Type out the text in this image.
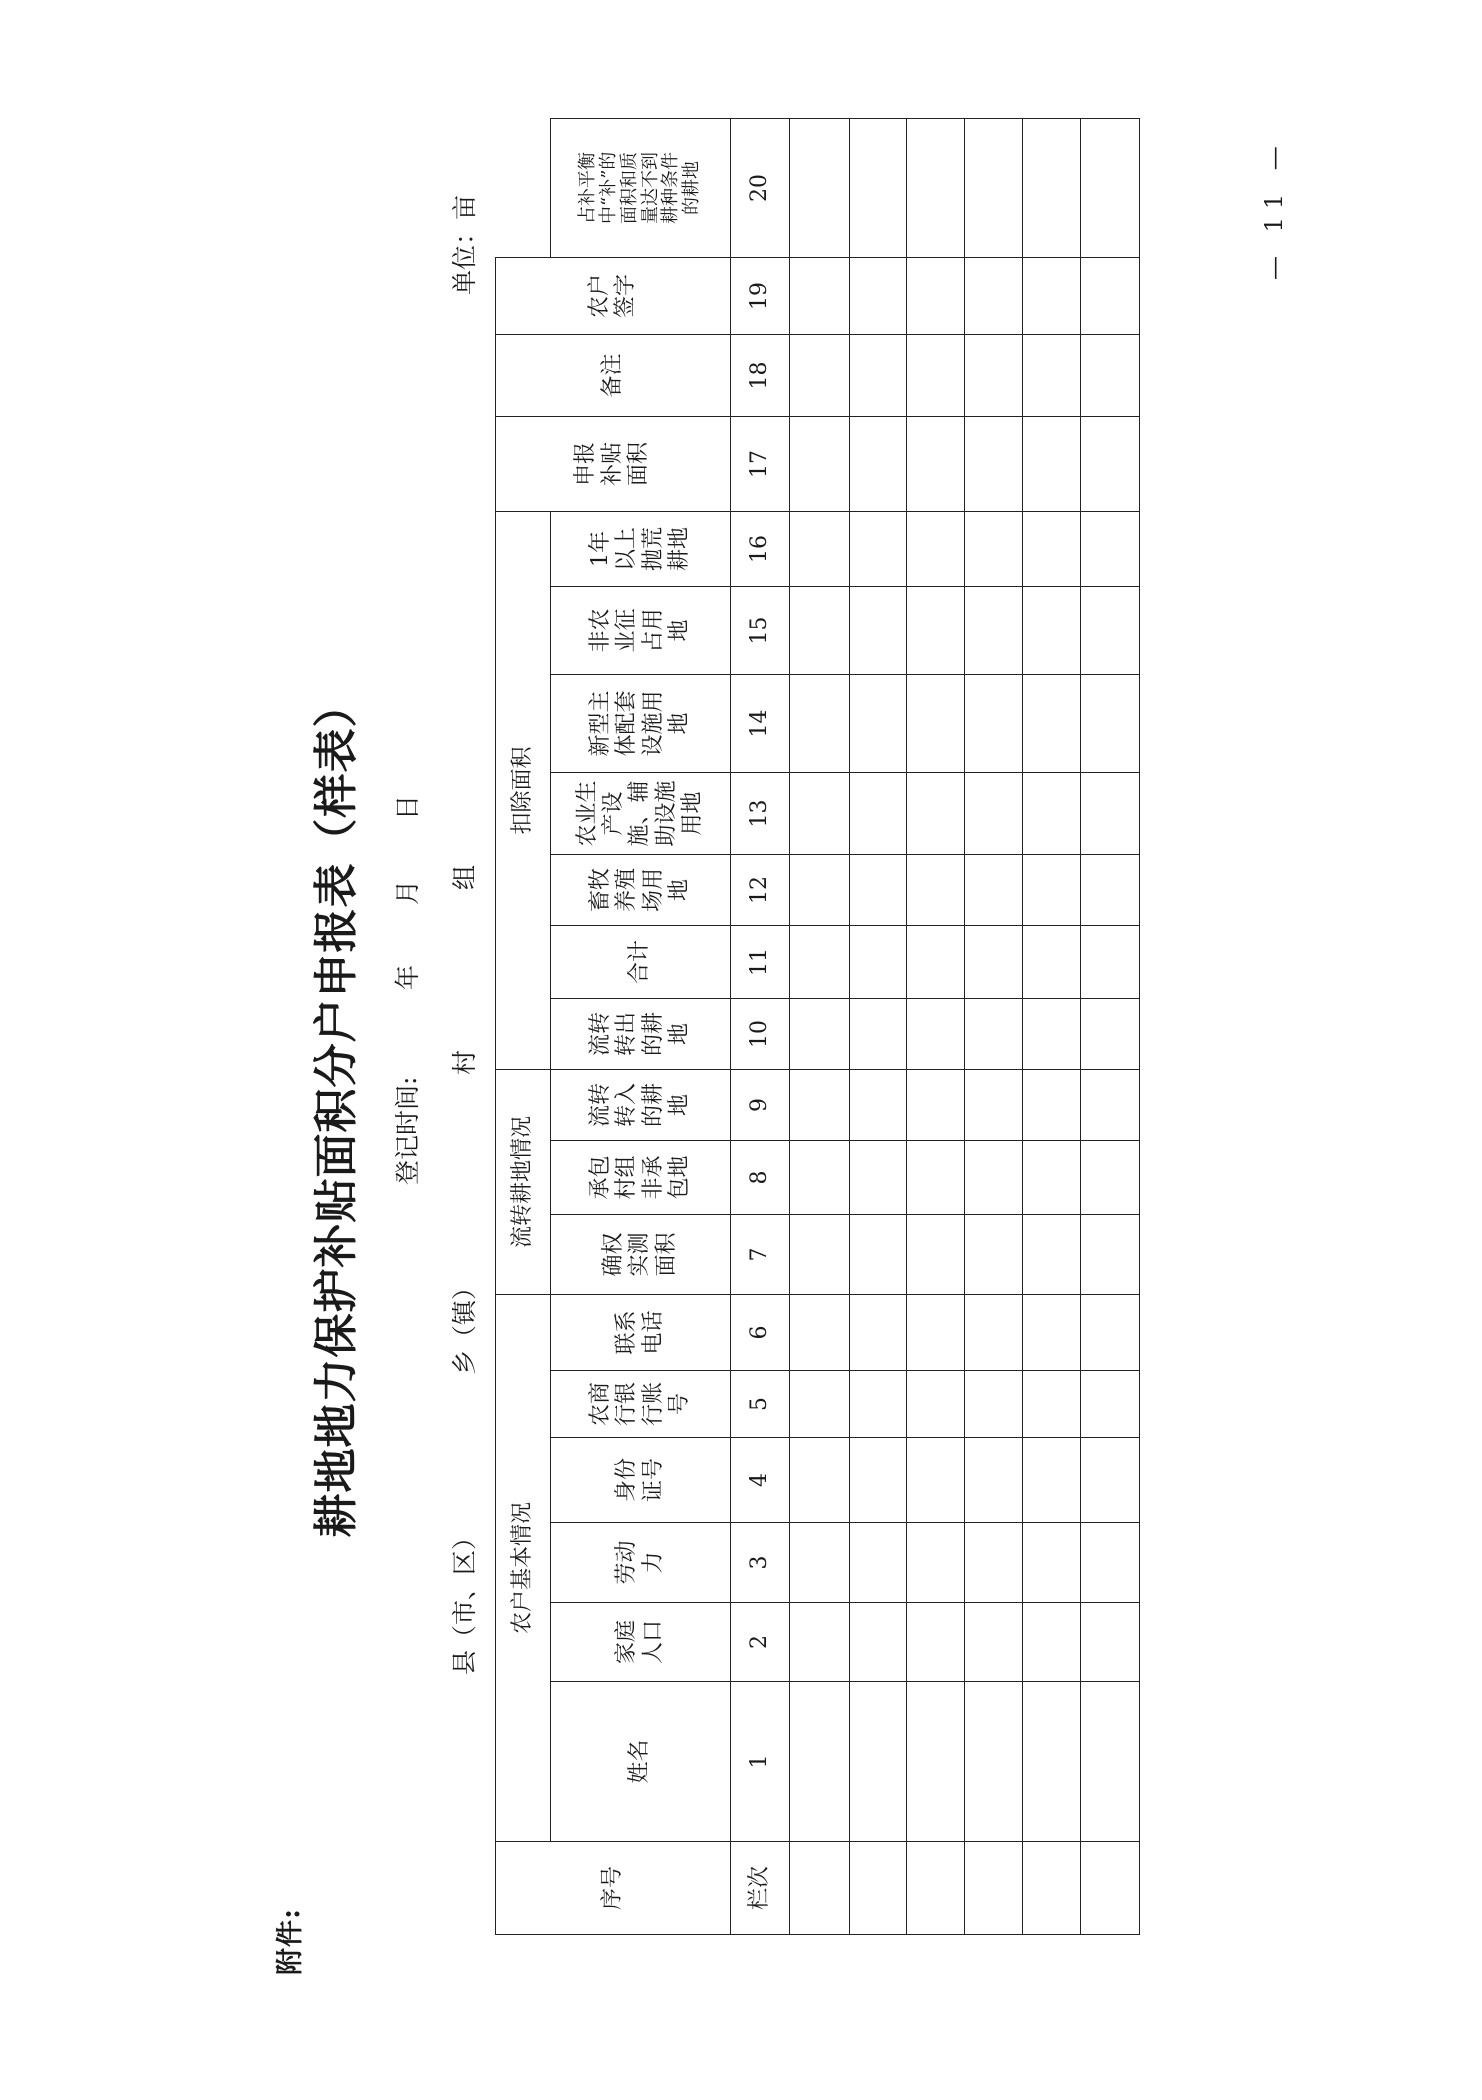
附件:
耕地地力保护补贴面积分户申报表（样表） 登记时间:
年
月
日
县（市、区）
乡（镇）
村
组
单位：亩
序号	农户基本情况						流转耕地情况			扣除面积							申报补贴面积	备注	农户签字	
	姓名	家庭人口	劳动力	身份证号	农商行银行账号	联系电话	确权实测面积	承包村组非承包地	流转转入的耕地	流转转出的耕地	合计	畜牧养殖场用地	农业生产设施、辅助设施用地	新型主体配套设施用地	非农业征占用地	1年以上抛荒耕地				占补平衡中“补”的面积和质量达不到耕种条件的耕地
栏次	1	2	3	4	5	6	7	8	9	10	11	12	13	14	15	16	17	18	19	20

																					— 11 —
